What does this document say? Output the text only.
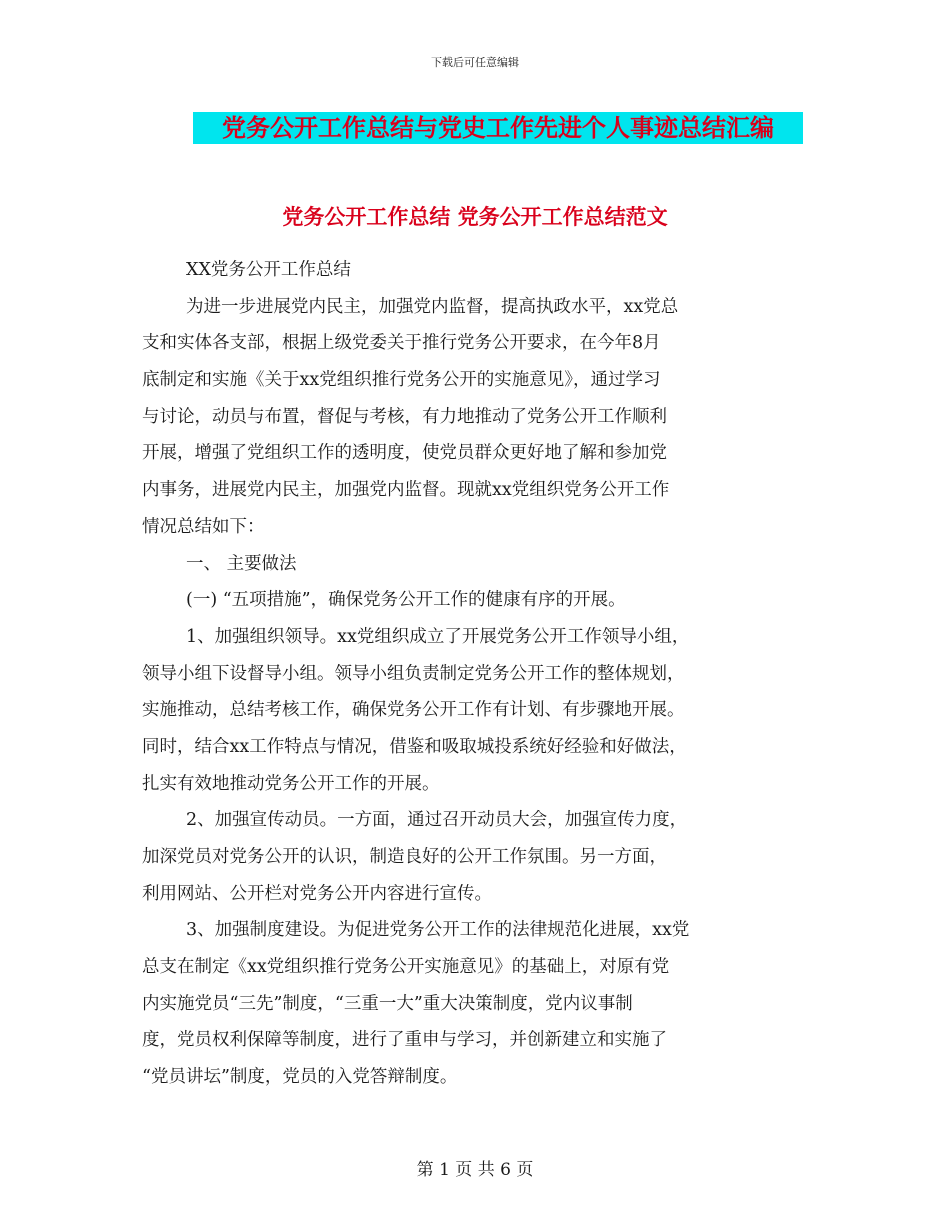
下载后可任意编辑
党务公开工作总结与党史工作先进个人事迹总结汇编
党务公开工作总结 党务公开工作总结范文
XX党务公开工作总结
为进一步进展党内民主，加强党内监督，提高执政水平，xx党总
支和实体各支部，根据上级党委关于推行党务公开要求，在今年8月
底制定和实施《关于xx党组织推行党务公开的实施意见》，通过学习
与讨论，动员与布置，督促与考核，有力地推动了党务公开工作顺利
开展，增强了党组织工作的透明度，使党员群众更好地了解和参加党
内事务，进展党内民主，加强党内监督。现就xx党组织党务公开工作
情况总结如下：
一、 主要做法
(一) “五项措施”，确保党务公开工作的健康有序的开展。
1、加强组织领导。xx党组织成立了开展党务公开工作领导小组，
领导小组下设督导小组。领导小组负责制定党务公开工作的整体规划，
实施推动，总结考核工作，确保党务公开工作有计划、有步骤地开展。
同时，结合xx工作特点与情况，借鉴和吸取城投系统好经验和好做法，
扎实有效地推动党务公开工作的开展。
2、加强宣传动员。一方面，通过召开动员大会，加强宣传力度，
加深党员对党务公开的认识，制造良好的公开工作氛围。另一方面，
利用网站、公开栏对党务公开内容进行宣传。
3、加强制度建设。为促进党务公开工作的法律规范化进展，xx党
总支在制定《xx党组织推行党务公开实施意见》的基础上，对原有党
内实施党员“三先”制度，“三重一大”重大决策制度，党内议事制
度，党员权利保障等制度，进行了重申与学习，并创新建立和实施了
“党员讲坛”制度，党员的入党答辩制度。
第 1 页 共 6 页
